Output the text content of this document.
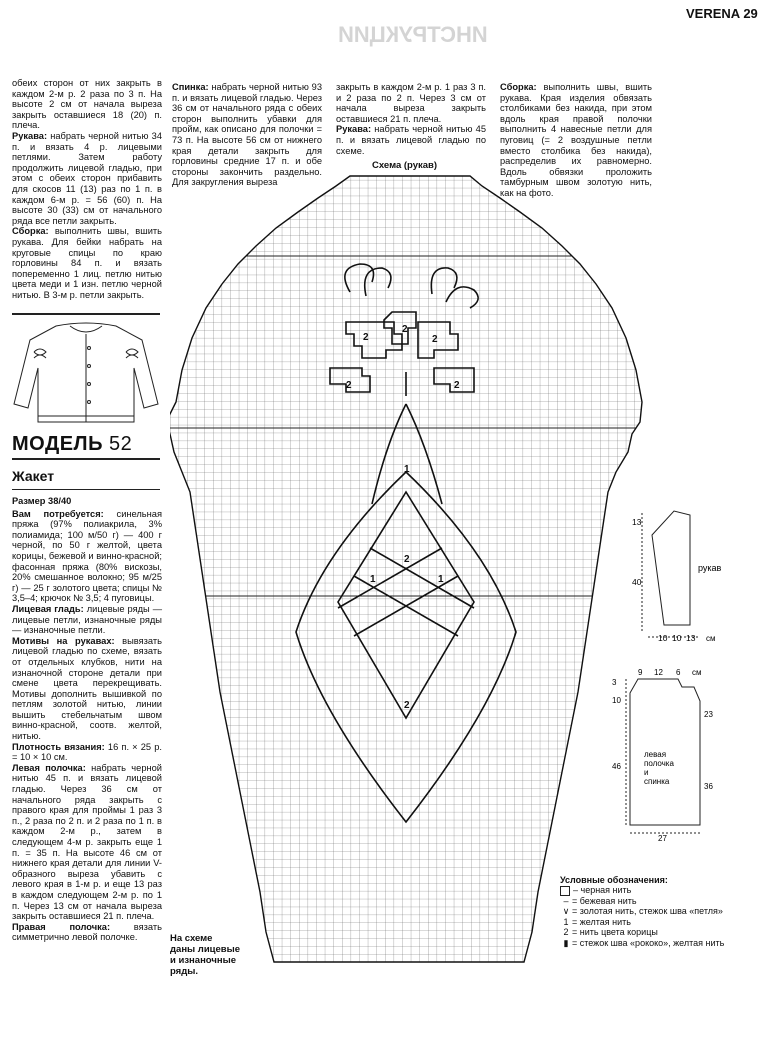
VERENA 29
ИНСТРУКЦИИ

обеих сторон от них закрыть в каждом 2-м р. 2 раза по 3 п. На высоте 2 см от начала выреза закрыть оставшиеся 18 (20) п. плеча.

Рукава: набрать черной нитью 34 п. и вязать 4 р. лицевыми петлями. Затем работу продолжить лицевой гладью, при этом с обеих сторон прибавить для скосов 11 (13) раз по 1 п. в каждом 6-м р. = 56 (60) п. На высоте 30 (33) см от начального ряда все петли закрыть.

Сборка: выполнить швы, вшить рукава. Для бейки набрать на круговые спицы по краю горловины 84 п. и вязать попеременно 1 лиц. петлю нитью цвета меди и 1 изн. петлю черной нитью. В 3-м р. петли закрыть.

МОДЕЛЬ 52
Жакет

Размер 38/40

Вам потребуется: синельная пряжа (97% полиакрила, 3% полиамида; 100 м/50 г) — 400 г черной, по 50 г желтой, цвета корицы, бежевой и винно-красной; фасонная пряжа (80% вискозы, 20% смешанное волокно; 95 м/25 г) — 25 г золотого цвета; спицы № 3,5–4; крючок № 3,5; 4 пуговицы.

Лицевая гладь: лицевые ряды — лицевые петли, изнаночные ряды — изнаночные петли.

Мотивы на рукавах: вывязать лицевой гладью по схеме, вязать от отдельных клубков, нити на изнаночной стороне детали при смене цвета перекрещивать. Мотивы дополнить вышивкой по петлям золотой нитью, линии вышить стебельчатым швом винно-красной, соотв. желтой, нитью.

Плотность вязания: 16 п. × 25 р. = 10 × 10 см.

Левая полочка: набрать черной нитью 45 п. и вязать лицевой гладью. Через 36 см от начального ряда закрыть с правого края для проймы 1 раз 3 п., 2 раза по 2 п. и 2 раза по 1 п. в каждом 2-м р., затем в следующем 4-м р. закрыть еще 1 п. = 35 п. На высоте 46 см от нижнего края детали для линии V-образного выреза убавить с левого края в 1-м р. и еще 13 раз в каждом следующем 2-м р. по 1 п. Через 13 см от начала выреза закрыть оставшиеся 21 п. плеча.

Правая полочка:	вязать симметрично левой полочке.

Спинка: набрать черной нитью 93 п. и вязать лицевой гладью. Через 36 см от начального ряда с обеих сторон выполнить убавки для пройм, как описано для полочки = 73 п. На высоте 56 см от нижнего края детали закрыть для горловины средние 17 п. и обе стороны закончить раздельно. Для закругления выреза

закрыть в каждом 2-м р. 1 раз 3 п. и 2 раза по 2 п. Через 3 см от начала выреза закрыть оставшиеся 21 п. плеча.

Рукава: набрать черной нитью 45 п. и вязать лицевой гладью по схеме.

Сборка: выполнить швы, вшить рукава. Края изделия обвязать столбиками без накида, при этом вдоль края правой полочки выполнить 4 навесные петли для пуговиц (= 2 воздушные петли вместо столбика без накида), распределив их равномерно. Вдоль обвязки проложить тамбурным швом золотую нить, как на фото.

Схема (рукав)
2
2
2
2	2
1
2
2
1	1
На схеме
даны лицевые
и изнаночные
ряды.
13
40
рукав
10 10 13 см
9 12 6 см
3
10
23
36
46
27
левая
полочка
и
спинка
Условные обозначения:
– черная нить
– = бежевая нить
∨ = золотая нить, стежок шва «петля»
1 = желтая нить
2 = нить цвета корицы
▮ = стежок шва «рококо», желтая нить
